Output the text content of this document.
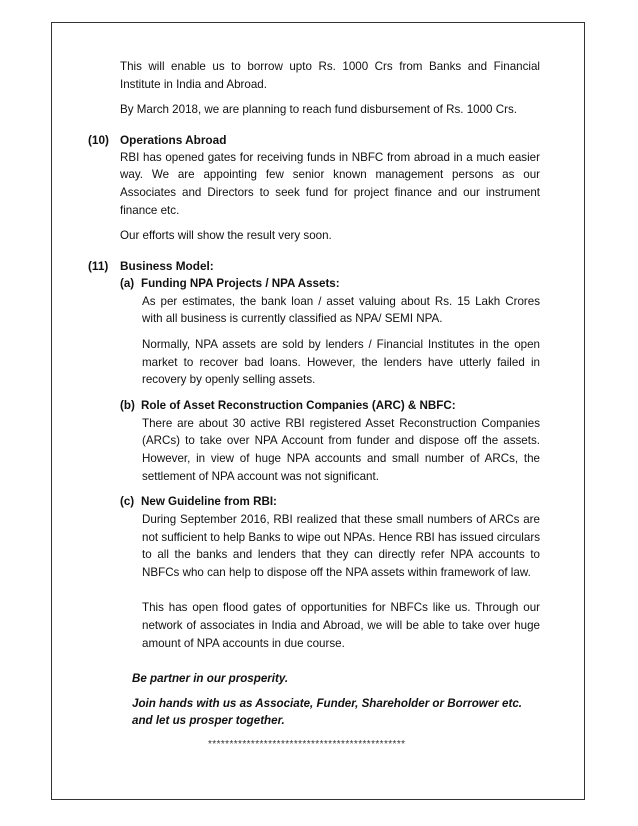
This will enable us to borrow upto Rs. 1000 Crs from Banks and Financial Institute in India and Abroad.

By March 2018, we are planning to reach fund disbursement of Rs. 1000 Crs.

(10) Operations Abroad

RBI has opened gates for receiving funds in NBFC from abroad in a much easier way. We are appointing few senior known management persons as our Associates and Directors to seek fund for project finance and our instrument finance etc.

Our efforts will show the result very soon.

(11) Business Model:
(a) Funding NPA Projects / NPA Assets:

As per estimates, the bank loan / asset valuing about Rs. 15 Lakh Crores with all business is currently classified as NPA/ SEMI NPA.

Normally, NPA assets are sold by lenders / Financial Institutes in the open market to recover bad loans. However, the lenders have utterly failed in recovery by openly selling assets.

(b) Role of Asset Reconstruction Companies (ARC) & NBFC:

There are about 30 active RBI registered Asset Reconstruction Companies (ARCs) to take over NPA Account from funder and dispose off the assets. However, in view of huge NPA accounts and small number of ARCs, the settlement of NPA account was not significant.

(c) New Guideline from RBI:

During September 2016, RBI realized that these small numbers of ARCs are not sufficient to help Banks to wipe out NPAs. Hence RBI has issued circulars to all the banks and lenders that they can directly refer NPA accounts to NBFCs who can help to dispose off the NPA assets within framework of law.

This has open flood gates of opportunities for NBFCs like us. Through our network of associates in India and Abroad, we will be able to take over huge amount of NPA accounts in due course.

Be partner in our prosperity.

Join hands with us as Associate, Funder, Shareholder or Borrower etc. and let us prosper together.

**********************************************
